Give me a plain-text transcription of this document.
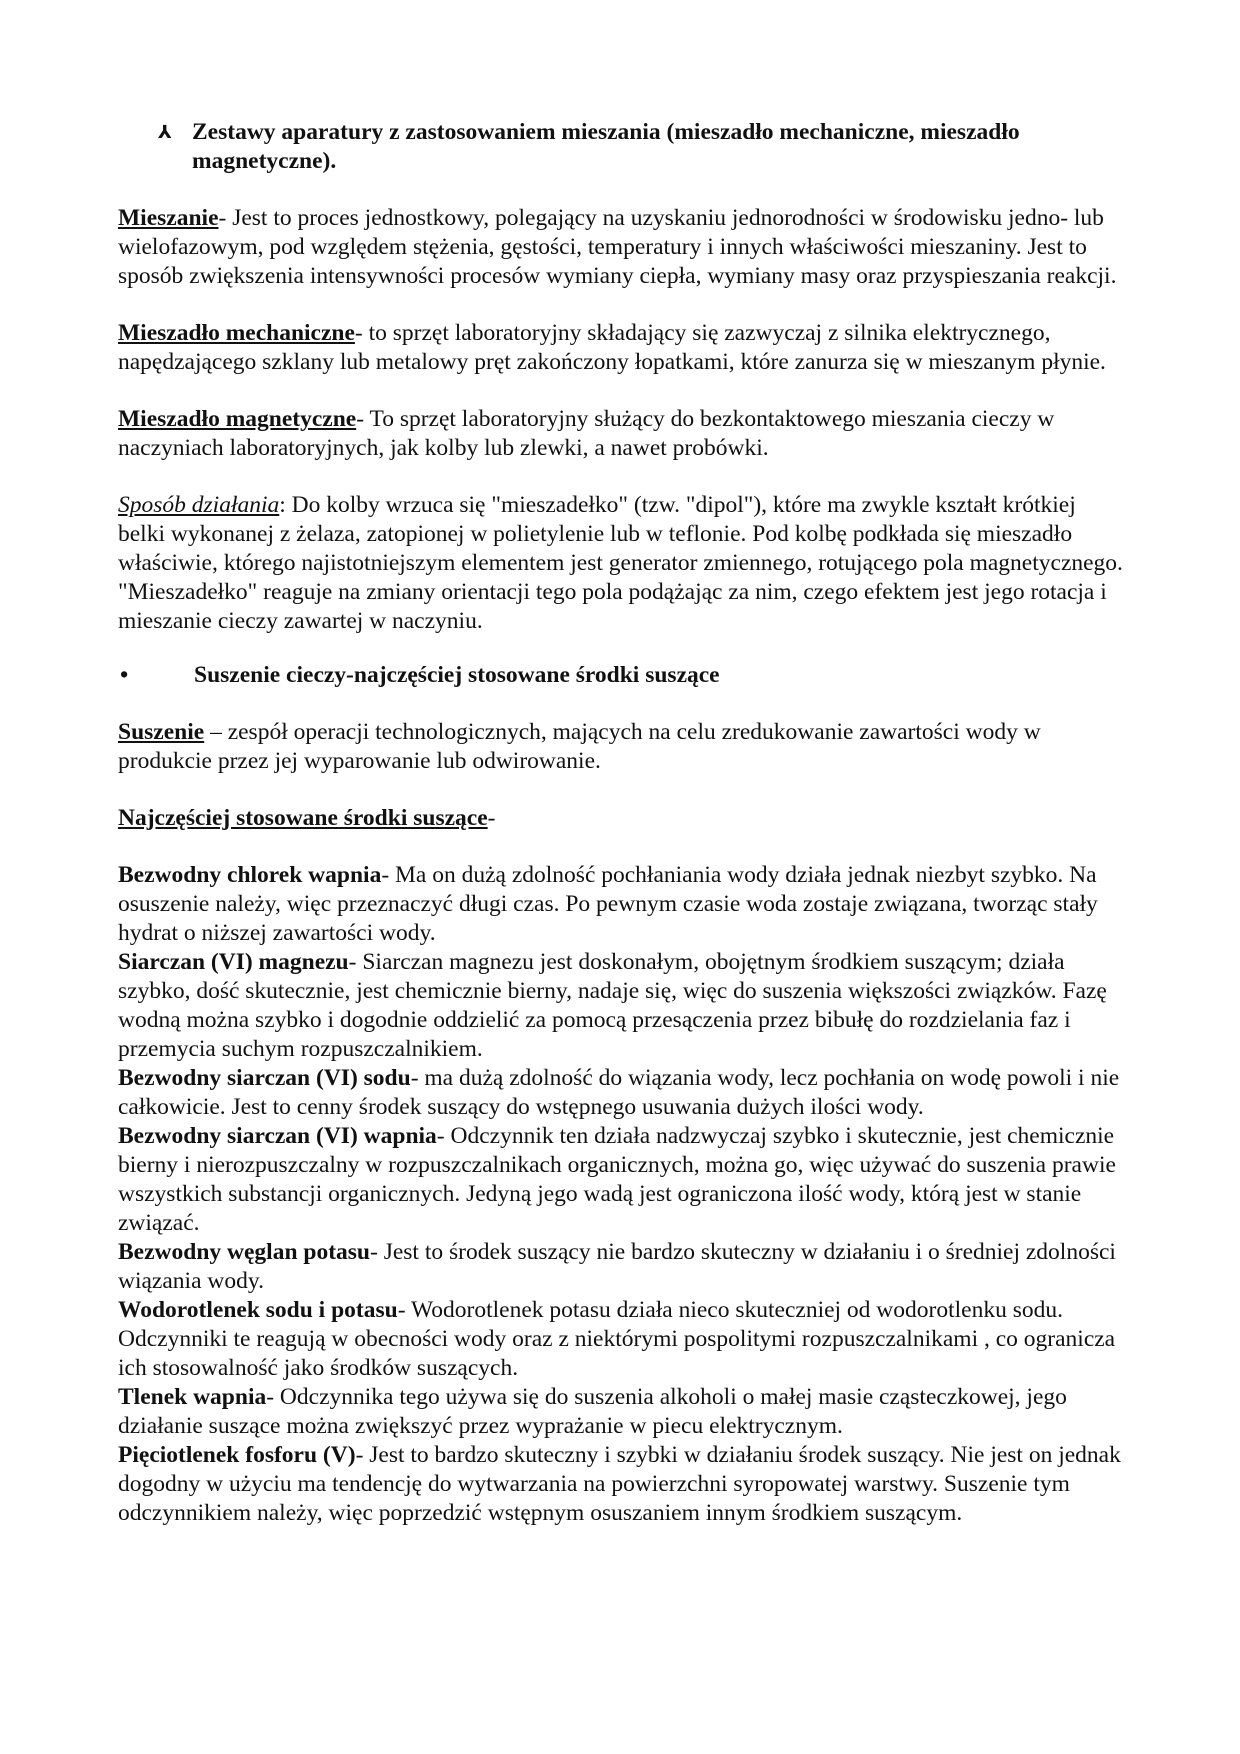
⅄ Zestawy aparatury z zastosowaniem mieszania (mieszadło mechaniczne, mieszadło magnetyczne).

Mieszanie- Jest to proces jednostkowy, polegający na uzyskaniu jednorodności w środowisku jedno- lub wielofazowym, pod względem stężenia, gęstości, temperatury i innych właściwości mieszaniny. Jest to sposób zwiększenia intensywności procesów wymiany ciepła, wymiany masy oraz przyspieszania reakcji.

Mieszadło mechaniczne- to sprzęt laboratoryjny składający się zazwyczaj z silnika elektrycznego, napędzającego szklany lub metalowy pręt zakończony łopatkami, które zanurza się w mieszanym płynie.

Mieszadło magnetyczne- To sprzęt laboratoryjny służący do bezkontaktowego mieszania cieczy w naczyniach laboratoryjnych, jak kolby lub zlewki, a nawet probówki.

Sposób działania: Do kolby wrzuca się "mieszadełko" (tzw. "dipol"), które ma zwykle kształt krótkiej belki wykonanej z żelaza, zatopionej w polietylenie lub w teflonie. Pod kolbę podkłada się mieszadło właściwie, którego najistotniejszym elementem jest generator zmiennego, rotującego pola magnetycznego. "Mieszadełko" reaguje na zmiany orientacji tego pola podążając za nim, czego efektem jest jego rotacja i mieszanie cieczy zawartej w naczyniu.

•	Suszenie cieczy-najczęściej stosowane środki suszące

Suszenie – zespół operacji technologicznych, mających na celu zredukowanie zawartości wody w produkcie przez jej wyparowanie lub odwirowanie.

Najczęściej stosowane środki suszące-

Bezwodny chlorek wapnia- Ma on dużą zdolność pochłaniania wody działa jednak niezbyt szybko. Na osuszenie należy, więc przeznaczyć długi czas. Po pewnym czasie woda zostaje związana, tworząc stały hydrat o niższej zawartości wody.

Siarczan (VI) magnezu- Siarczan magnezu jest doskonałym, obojętnym środkiem suszącym; działa szybko, dość skutecznie, jest chemicznie bierny, nadaje się, więc do suszenia większości związków. Fazę wodną można szybko i dogodnie oddzielić za pomocą przesączenia przez bibułę do rozdzielania faz i przemycia suchym rozpuszczalnikiem.

Bezwodny siarczan (VI) sodu- ma dużą zdolność do wiązania wody, lecz pochłania on wodę powoli i nie całkowicie. Jest to cenny środek suszący do wstępnego usuwania dużych ilości wody.

Bezwodny siarczan (VI) wapnia- Odczynnik ten działa nadzwyczaj szybko i skutecznie, jest chemicznie bierny i nierozpuszczalny w rozpuszczalnikach organicznych, można go, więc używać do suszenia prawie wszystkich substancji organicznych. Jedyną jego wadą jest ograniczona ilość wody, którą jest w stanie związać.

Bezwodny węglan potasu- Jest to środek suszący nie bardzo skuteczny w działaniu i o średniej zdolności wiązania wody.

Wodorotlenek sodu i potasu- Wodorotlenek potasu działa nieco skuteczniej od wodorotlenku sodu. Odczynniki te reagują w obecności wody oraz z niektórymi pospolitymi rozpuszczalnikami , co ogranicza ich stosowalność jako środków suszących.

Tlenek wapnia- Odczynnika tego używa się do suszenia alkoholi o małej masie cząsteczkowej, jego działanie suszące można zwiększyć przez wyprażanie w piecu elektrycznym.

Pięciotlenek fosforu (V)- Jest to bardzo skuteczny i szybki w działaniu środek suszący. Nie jest on jednak dogodny w użyciu ma tendencję do wytwarzania na powierzchni syropowatej warstwy. Suszenie tym odczynnikiem należy, więc poprzedzić wstępnym osuszaniem innym środkiem suszącym.
